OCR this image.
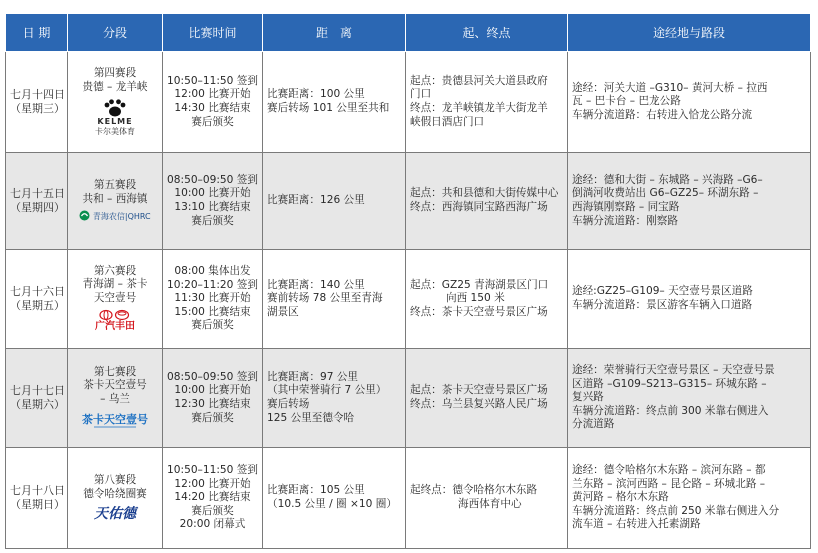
日 期	分段	比赛时间	距　离	起、终点	途经地与路段

七月十四日
（星期三）	第四赛段
贵德 – 龙羊峡
KELME
卡尔美体育	10:50–11:50 签到
12:00 比赛开始
14:30 比赛结束
赛后颁奖	比赛距离：100 公里
赛后转场 101 公里至共和	起点：贵德县河关大道县政府
门口
终点：龙羊峡镇龙羊大街龙羊
峡假日酒店门口	途经：河关大道 –G310– 黄河大桥 – 拉西
瓦 – 巴卡台 – 巴龙公路
车辆分流道路：右转进入恰龙公路分流

七月十五日
（星期四）	第五赛段
共和 – 西海镇
青海农信|QHRC	08:50–09:50 签到
10:00 比赛开始
13:10 比赛结束
赛后颁奖	比赛距离：126 公里	起点：共和县德和大街传媒中心
终点：西海镇同宝路西海广场	途经：德和大街 – 东城路 – 兴海路 –G6–
倒淌河收费站出 G6–GZ25– 环湖东路 –
西海镇刚察路 – 同宝路
车辆分流道路：刚察路

七月十六日
（星期五）	第六赛段
青海湖 – 茶卡
天空壹号
广汽丰田	08:00 集体出发
10:20–11:20 签到
11:30 比赛开始
15:00 比赛结束
赛后颁奖	比赛距离：140 公里
赛前转场 78 公里至青海
湖景区	起点：GZ25 青海湖景区门口
向西 150 米
终点：茶卡天空壹号景区广场	途经:GZ25–G109– 天空壹号景区道路
车辆分流道路：景区游客车辆入口道路

七月十七日
（星期六）	第七赛段
茶卡天空壹号
– 乌兰
茶卡天空壹号	08:50–09:50 签到
10:00 比赛开始
12:30 比赛结束
赛后颁奖	比赛距离：97 公里
（其中荣誉骑行 7 公里）
赛后转场
125 公里至德令哈	起点：茶卡天空壹号景区广场
终点：乌兰县复兴路人民广场	途经：荣誉骑行天空壹号景区 – 天空壹号景
区道路 –G109–S213–G315– 环城东路 –
复兴路
车辆分流道路：终点前 300 米靠右侧进入
分流道路

七月十八日
（星期日）	第八赛段
德令哈绕圈赛
天佑德	10:50–11:50 签到
12:00 比赛开始
14:20 比赛结束
赛后颁奖
20:00 闭幕式	比赛距离：105 公里
（10.5 公里 / 圈 ×10 圈）	起终点：德令哈格尔木东路
海西体育中心	途经：德令哈格尔木东路 – 滨河东路 – 都
兰东路 – 滨河西路 – 昆仑路 – 环城北路 –
黄河路 – 格尔木东路
车辆分流道路：终点前 250 米靠右侧进入分
流车道 – 右转进入托素湖路
